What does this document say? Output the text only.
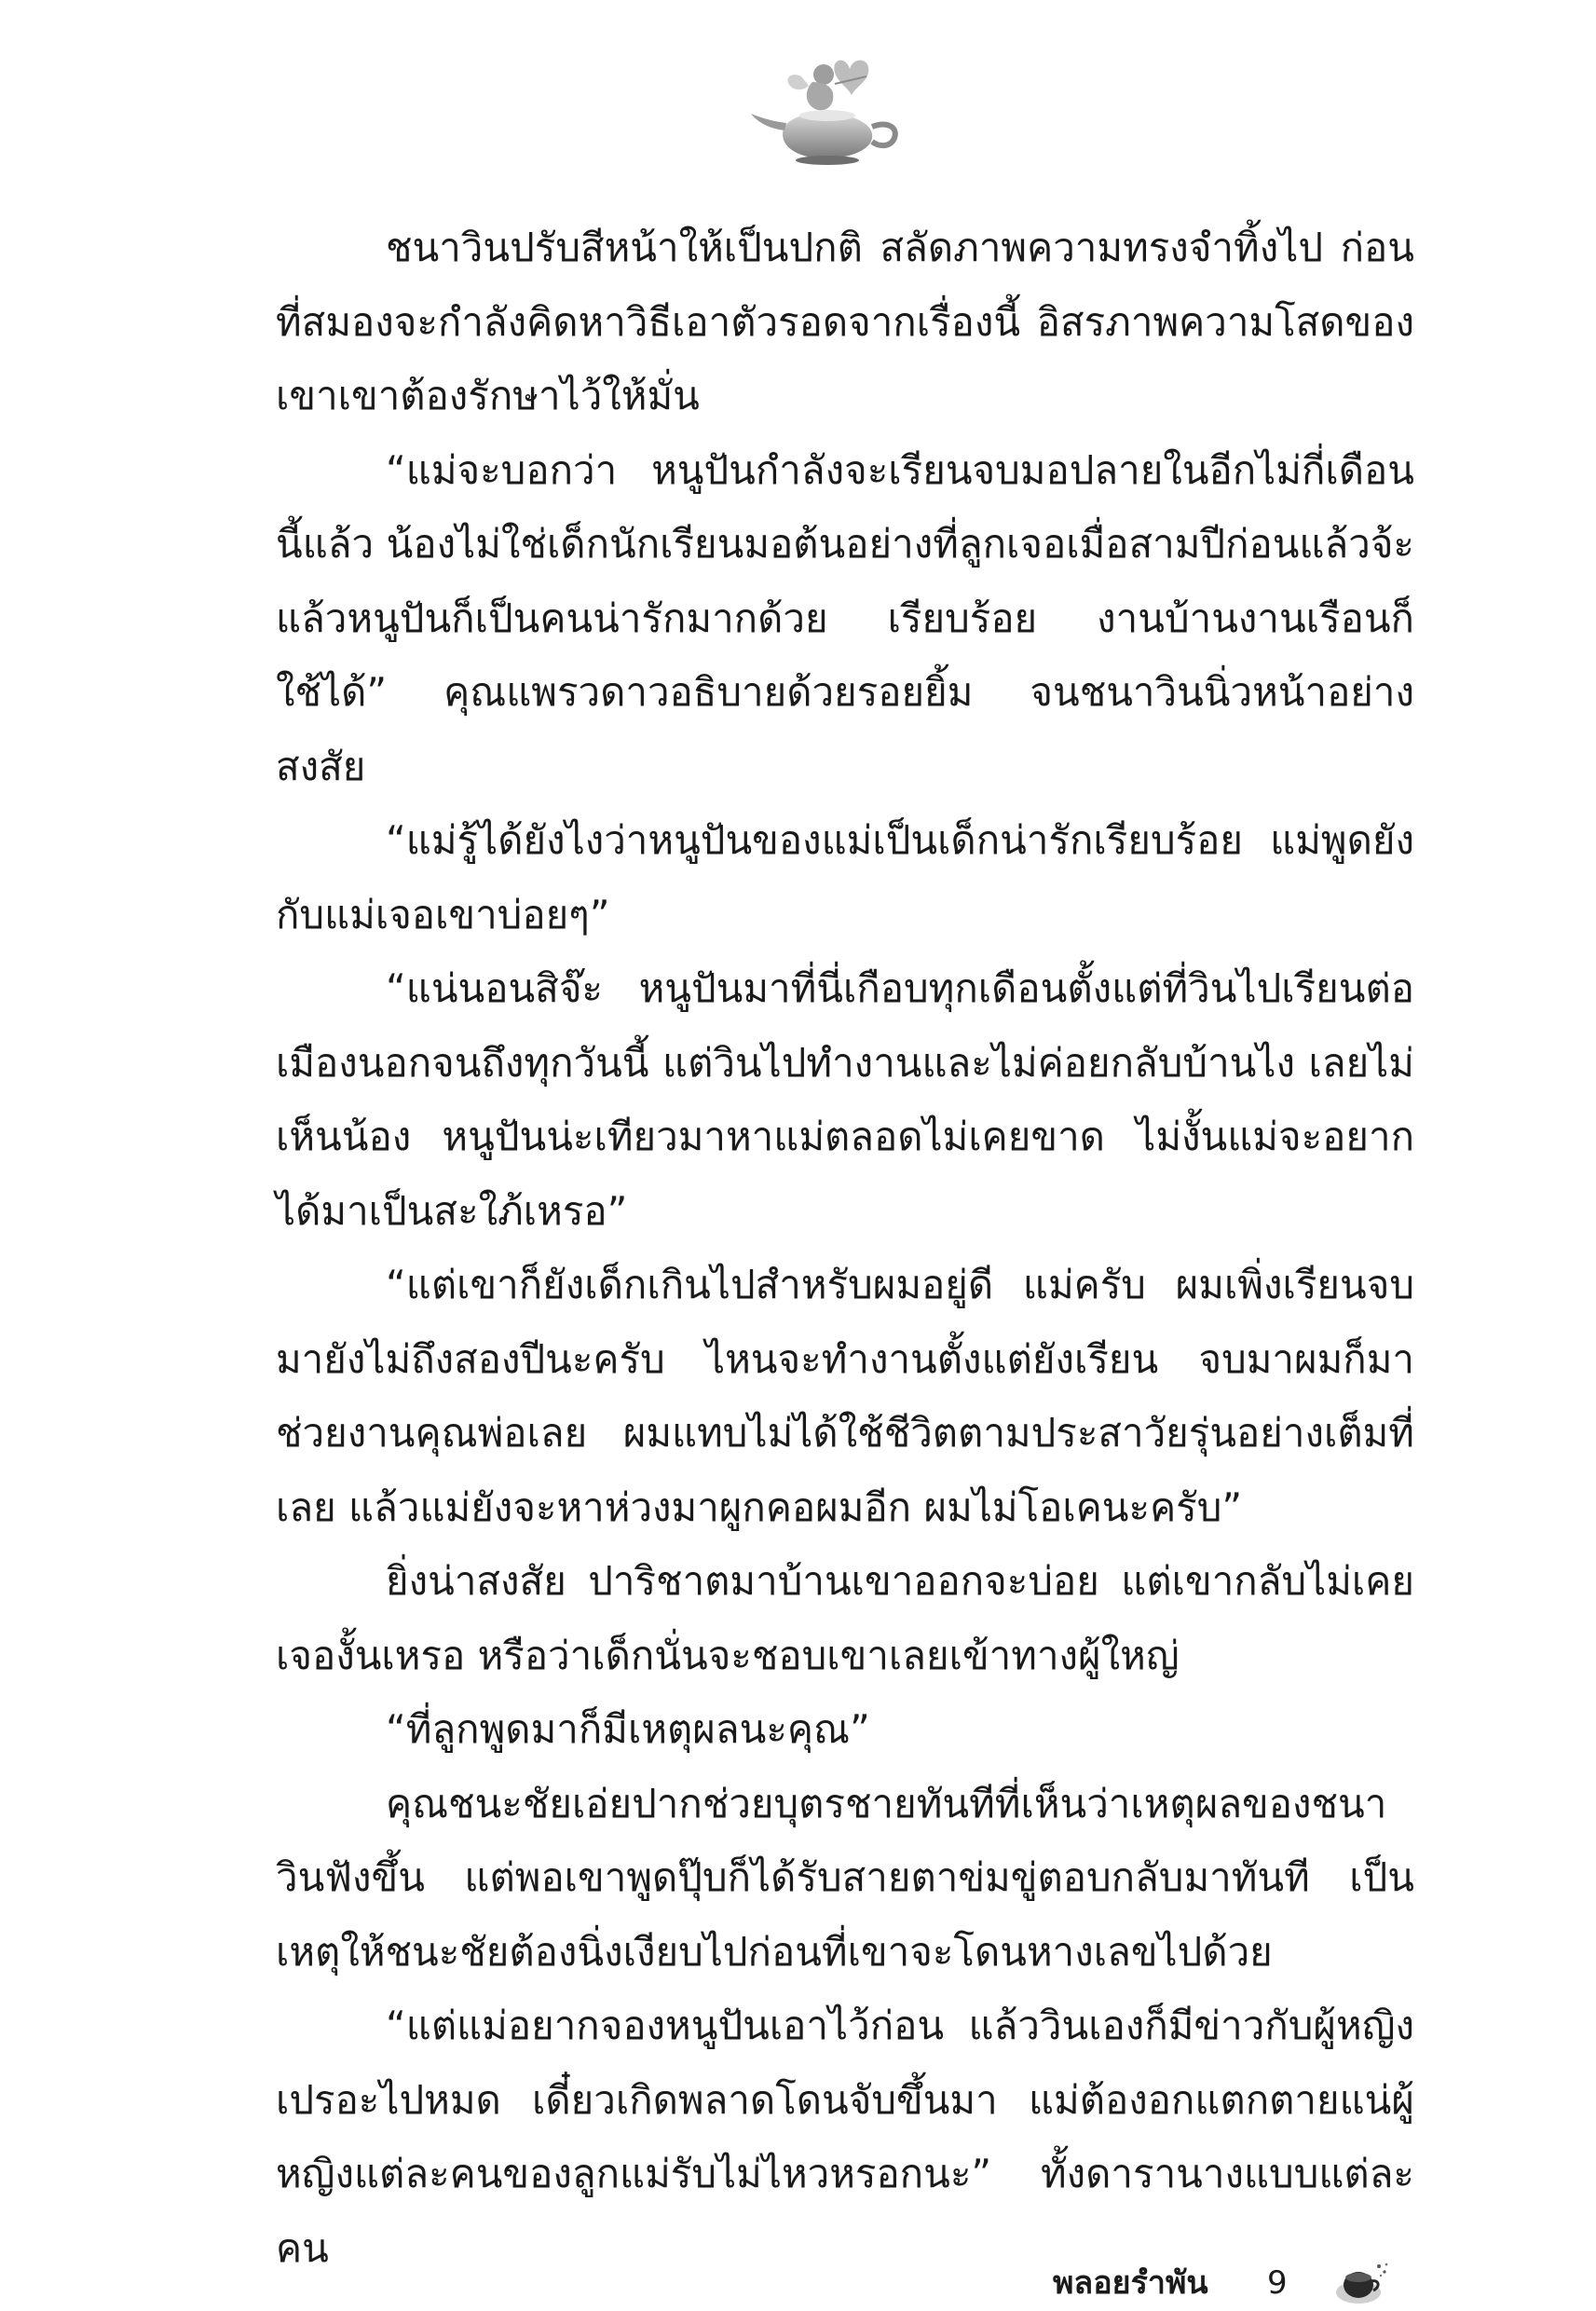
ชนาวินปรับสีหน้าให้เป็นปกติ สลัดภาพความทรงจำทิ้งไป ก่อนที่สมองจะกำลังคิดหาวิธีเอาตัวรอดจากเรื่องนี้ อิสรภาพความโสดของเขาเขาต้องรักษาไว้ให้มั่น

“แม่จะบอกว่า หนูปันกำลังจะเรียนจบมอปลายในอีกไม่กี่เดือนนี้แล้ว น้องไม่ใช่เด็กนักเรียนมอต้นอย่างที่ลูกเจอเมื่อสามปีก่อนแล้วจ้ะ แล้วหนูปันก็เป็นคนน่ารักมากด้วย เรียบร้อย งานบ้านงานเรือนก็ใช้ได้” คุณแพรวดาวอธิบายด้วยรอยยิ้ม จนชนาวินนิ่วหน้าอย่างสงสัย

“แม่รู้ได้ยังไงว่าหนูปันของแม่เป็นเด็กน่ารักเรียบร้อย แม่พูดยังกับแม่เจอเขาบ่อยๆ”

“แน่นอนสิจ๊ะ หนูปันมาที่นี่เกือบทุกเดือนตั้งแต่ที่วินไปเรียนต่อเมืองนอกจนถึงทุกวันนี้ แต่วินไปทำงานและไม่ค่อยกลับบ้านไง เลยไม่เห็นน้อง หนูปันน่ะเทียวมาหาแม่ตลอดไม่เคยขาด ไม่งั้นแม่จะอยากได้มาเป็นสะใภ้เหรอ”

“แต่เขาก็ยังเด็กเกินไปสำหรับผมอยู่ดี แม่ครับ ผมเพิ่งเรียนจบมายังไม่ถึงสองปีนะครับ ไหนจะทำงานตั้งแต่ยังเรียน จบมาผมก็มาช่วยงานคุณพ่อเลย ผมแทบไม่ได้ใช้ชีวิตตามประสาวัยรุ่นอย่างเต็มที่เลย แล้วแม่ยังจะหาห่วงมาผูกคอผมอีก ผมไม่โอเคนะครับ”

ยิ่งน่าสงสัย ปาริชาตมาบ้านเขาออกจะบ่อย แต่เขากลับไม่เคยเจองั้นเหรอ หรือว่าเด็กนั่นจะชอบเขาเลยเข้าทางผู้ใหญ่

“ที่ลูกพูดมาก็มีเหตุผลนะคุณ”

คุณชนะชัยเอ่ยปากช่วยบุตรชายทันทีที่เห็นว่าเหตุผลของชนาวินฟังขึ้น แต่พอเขาพูดปุ๊บก็ได้รับสายตาข่มขู่ตอบกลับมาทันที เป็นเหตุให้ชนะชัยต้องนิ่งเงียบไปก่อนที่เขาจะโดนหางเลขไปด้วย

“แต่แม่อยากจองหนูปันเอาไว้ก่อน แล้ววินเองก็มีข่าวกับผู้หญิงเปรอะไปหมด เดี๋ยวเกิดพลาดโดนจับขึ้นมา แม่ต้องอกแตกตายแน่ผู้หญิงแต่ละคนของลูกแม่รับไม่ไหวหรอกนะ” ทั้งดารานางแบบแต่ละคน

พลอยรำพัน 9
